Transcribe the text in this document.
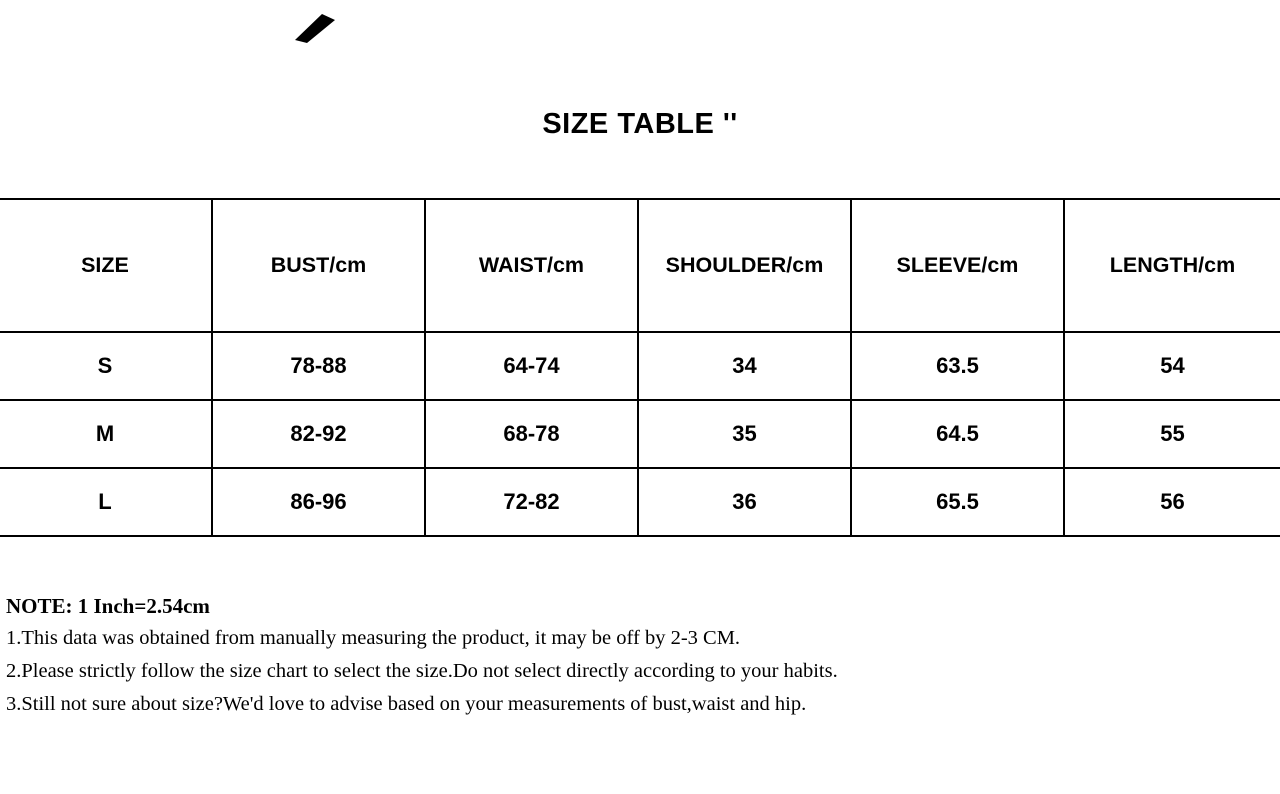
SIZE TABLE ''
SIZE	BUST/cm	WAIST/cm	SHOULDER/cm	SLEEVE/cm	LENGTH/cm
S	78-88	64-74	34	63.5	54
M	82-92	68-78	35	64.5	55
L	86-96	72-82	36	65.5	56
NOTE: 1 Inch=2.54cm
1.This data was obtained from manually measuring the product, it may be off by 2-3 CM.
2.Please strictly follow the size chart to select the size.Do not select directly according to your habits.
3.Still not sure about size?We'd love to advise based on your measurements of bust,waist and hip.
